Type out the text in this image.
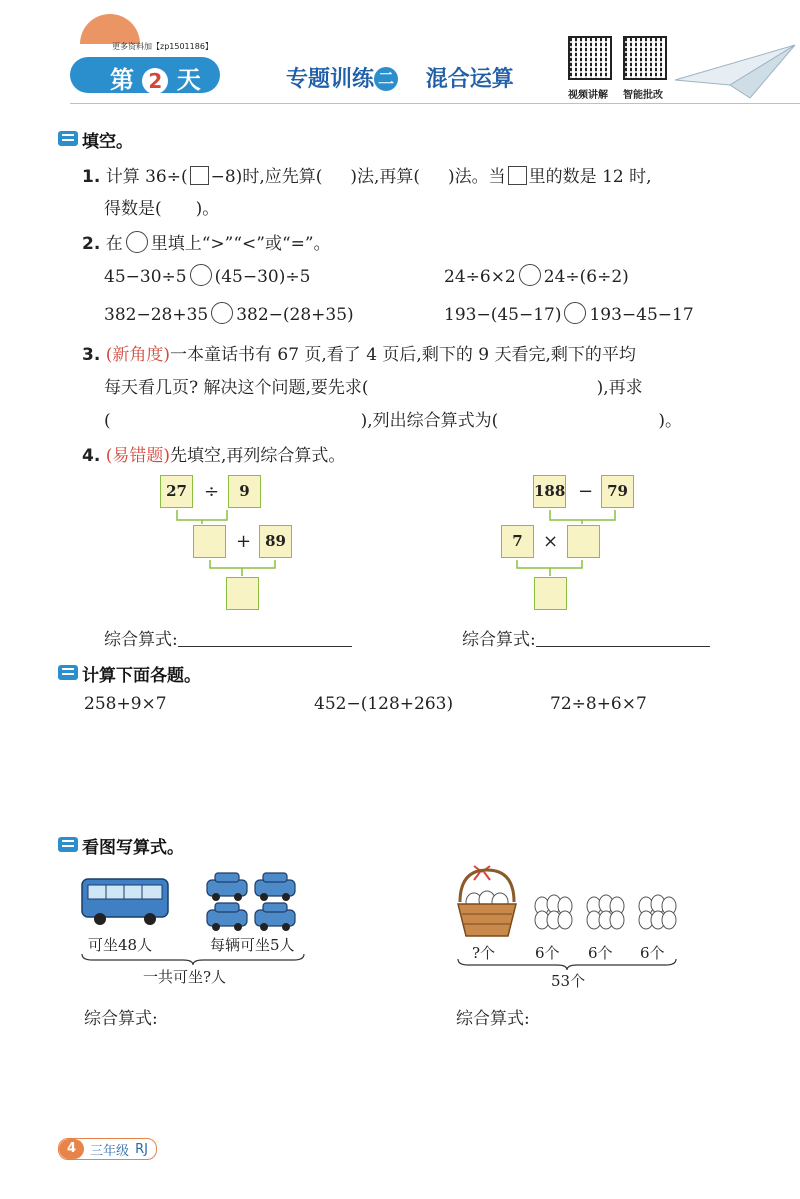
更多资料加【zp1501186】
第 2 天	专题训练 二 混合运算
视频讲解 智能批改
填空。
1. 计算 36÷( −8)时,应先算( )法,再算( )法。当 里的数是 12 时,
得数是(　　)。
2. 在 里填上“>”“<”或“=”。
45−30÷5 (45−30)÷5	24÷6×2 24÷(6÷2)
382−28+35 382−(28+35)	193−(45−17) 193−45−17
3. (新角度)一本童话书有 67 页,看了 4 页后,剩下的 9 天看完,剩下的平均
每天看几页? 解决这个问题,要先求(	),再求
(	),列出综合算式为(	)。
4. (易错题)先填空,再列综合算式。
27 ÷	9
+ 89
188 − 79
7	×
综合算式:	综合算式:
计算下面各题。
258+9×7	452−(128+263)	72÷8+6×7
看图写算式。
可坐48人	每辆可坐5人
一共可坐?人
?个	6个 6个 6个
53个
综合算式:	综合算式:
4	三年级 RJ
